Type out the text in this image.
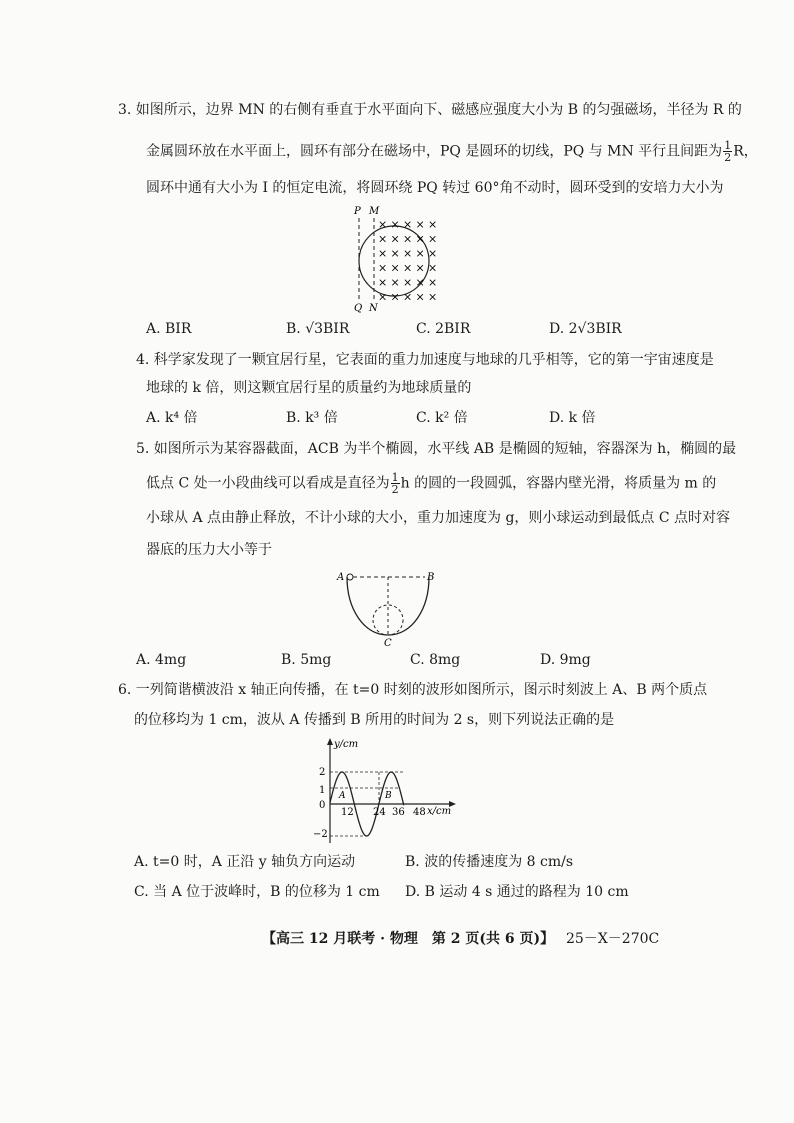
3. 如图所示，边界 MN 的右侧有垂直于水平面向下、磁感应强度大小为 B 的匀强磁场，半径为 R 的
金属圆环放在水平面上，圆环有部分在磁场中，PQ 是圆环的切线，PQ 与 MN 平行且间距为 $\frac{1}{2}$ R，
圆环中通有大小为 I 的恒定电流，将圆环绕 PQ 转过 60°角不动时，圆环受到的安培力大小为
P M
× × × × ×
× × × × ×
× × × × ×
× × × × ×
× × × × ×
× × × × ×
Q N
A. BIR	B. √3BIR	C. 2BIR	D. 2√3BIR
4. 科学家发现了一颗宜居行星，它表面的重力加速度与地球的几乎相等，它的第一宇宙速度是
地球的 k 倍，则这颗宜居行星的质量约为地球质量的
A. k⁴ 倍	B. k³ 倍	C. k² 倍	D. k 倍
5. 如图所示为某容器截面，ACB 为半个椭圆，水平线 AB 是椭圆的短轴，容器深为 h，椭圆的最
低点 C 处一小段曲线可以看成是直径为 $\frac{1}{2}$ h 的圆的一段圆弧，容器内壁光滑，将质量为 m 的
小球从 A 点由静止释放，不计小球的大小，重力加速度为 g，则小球运动到最低点 C 点时对容
器底的压力大小等于
A	B
C
A. 4mg	B. 5mg	C. 8mg	D. 9mg
6. 一列简谐横波沿 x 轴正向传播，在 t=0 时刻的波形如图所示，图示时刻波上 A、B 两个质点
的位移均为 1 cm，波从 A 传播到 B 所用的时间为 2 s，则下列说法正确的是
y/cm
x/cm
2
1
0
−2
A	B
12 24 36 48
A. t=0 时，A 正沿 y 轴负方向运动	B. 波的传播速度为 8 cm/s
C. 当 A 位于波峰时，B 的位移为 1 cm D. B 运动 4 s 通过的路程为 10 cm
【高三 12 月联考 · 物理　第 2 页(共 6 页)】 25－X－270C
